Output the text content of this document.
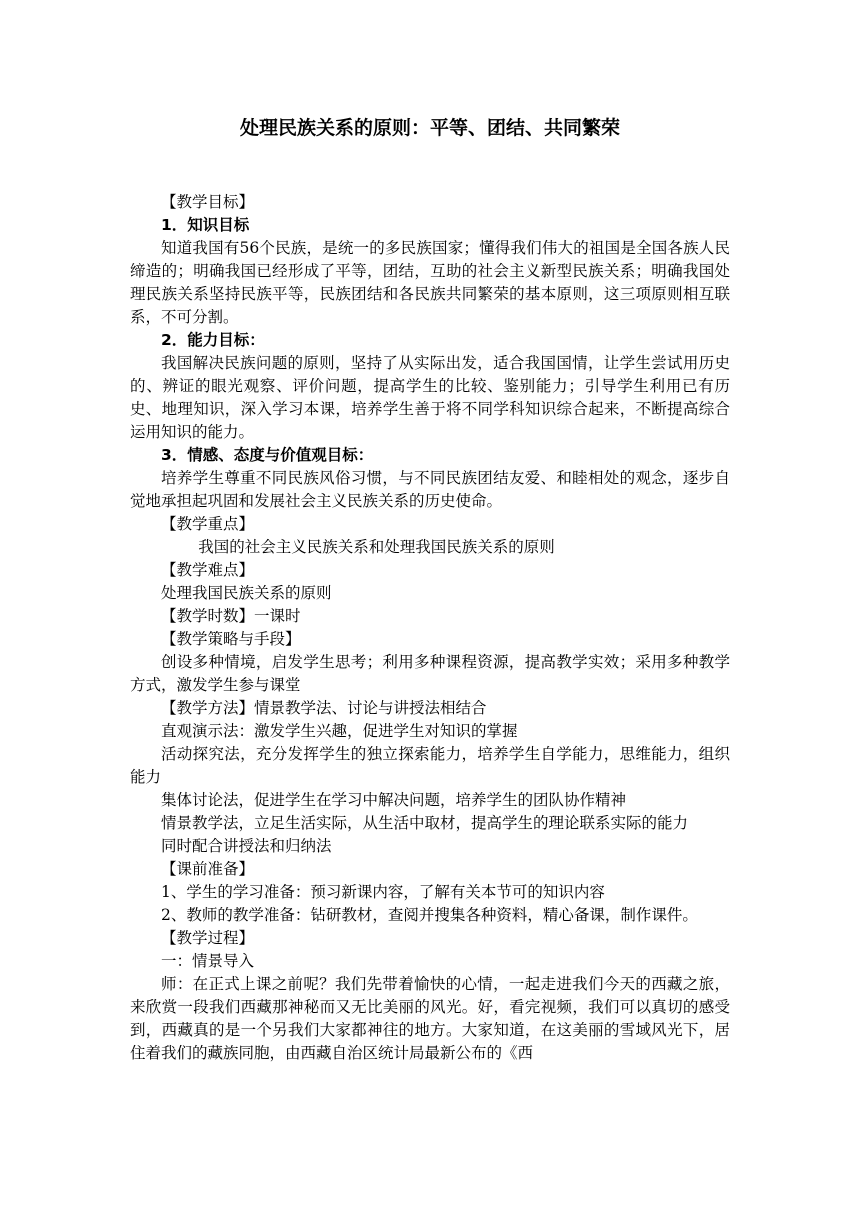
处理民族关系的原则：平等、团结、共同繁荣

【教学目标】

1．知识目标

知道我国有56个民族，是统一的多民族国家；懂得我们伟大的祖国是全国各族人民缔造的；明确我国已经形成了平等，团结，互助的社会主义新型民族关系；明确我国处理民族关系坚持民族平等，民族团结和各民族共同繁荣的基本原则，这三项原则相互联系，不可分割。

2．能力目标：

我国解决民族问题的原则，坚持了从实际出发，适合我国国情，让学生尝试用历史的、辨证的眼光观察、评价问题，提高学生的比较、鉴别能力；引导学生利用已有历史、地理知识，深入学习本课，培养学生善于将不同学科知识综合起来，不断提高综合运用知识的能力。

3．情感、态度与价值观目标：

培养学生尊重不同民族风俗习惯，与不同民族团结友爱、和睦相处的观念，逐步自觉地承担起巩固和发展社会主义民族关系的历史使命。

【教学重点】

我国的社会主义民族关系和处理我国民族关系的原则

【教学难点】

处理我国民族关系的原则

【教学时数】一课时

【教学策略与手段】

创设多种情境，启发学生思考；利用多种课程资源，提高教学实效；采用多种教学方式，激发学生参与课堂

【教学方法】情景教学法、讨论与讲授法相结合

直观演示法：激发学生兴趣，促进学生对知识的掌握

活动探究法，充分发挥学生的独立探索能力，培养学生自学能力，思维能力，组织能力

集体讨论法，促进学生在学习中解决问题，培养学生的团队协作精神

情景教学法，立足生活实际，从生活中取材，提高学生的理论联系实际的能力

同时配合讲授法和归纳法

【课前准备】

1、学生的学习准备：预习新课内容，了解有关本节可的知识内容

2、教师的教学准备：钻研教材，查阅并搜集各种资料，精心备课，制作课件。

【教学过程】

一：情景导入

师：在正式上课之前呢？我们先带着愉快的心情，一起走进我们今天的西藏之旅，来欣赏一段我们西藏那神秘而又无比美丽的风光。好，看完视频，我们可以真切的感受到，西藏真的是一个另我们大家都神往的地方。大家知道，在这美丽的雪域风光下，居住着我们的藏族同胞，由西藏自治区统计局最新公布的《西
